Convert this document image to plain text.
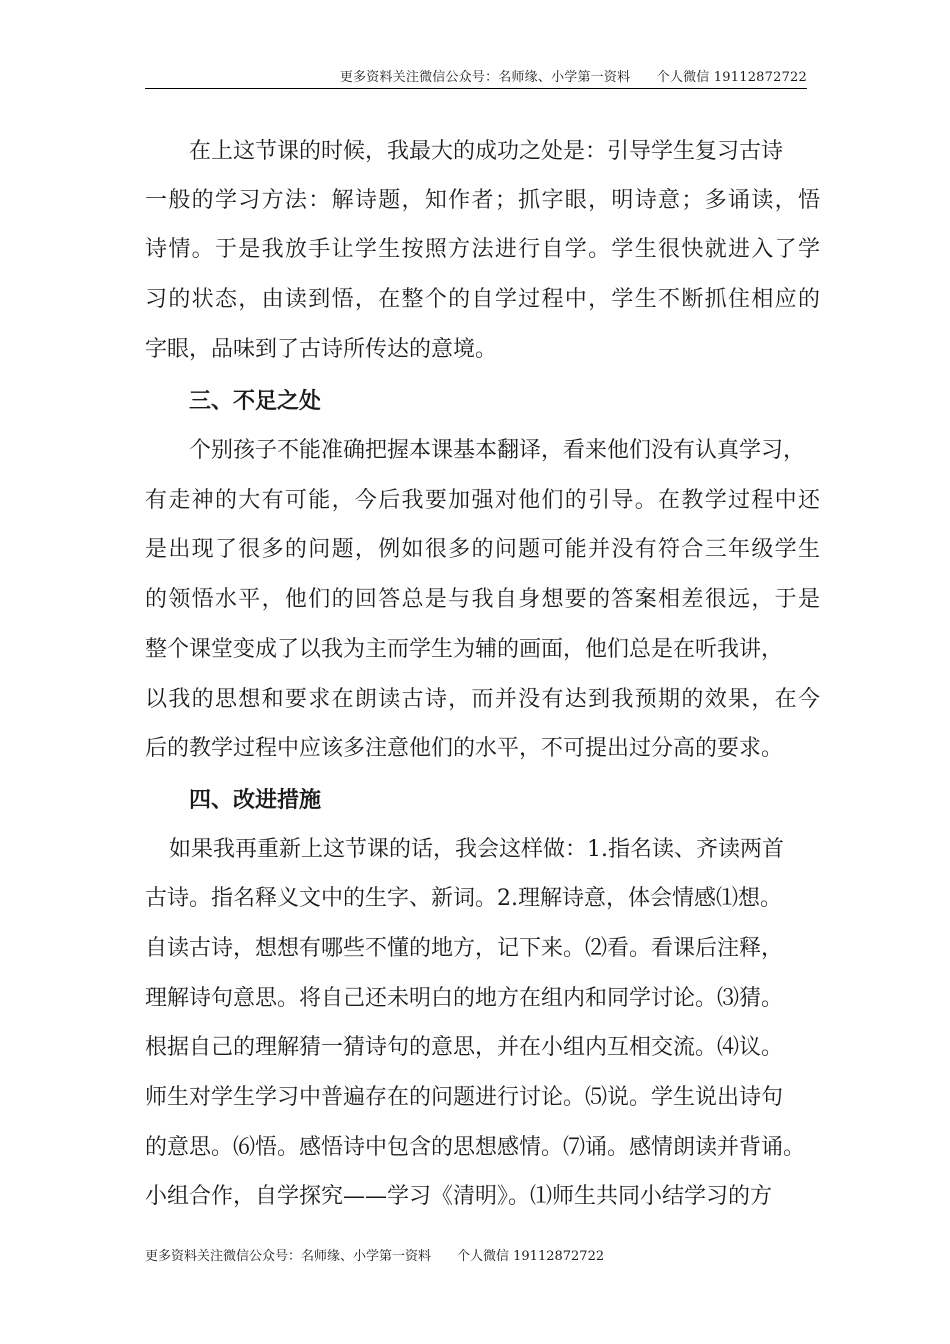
更多资料关注微信公众号：名师缘、小学第一资料　　个人微信 19112872722
在上这节课的时候，我最大的成功之处是：引导学生复习古诗
一般的学习方法：解诗题，知作者；抓字眼，明诗意；多诵读，悟
诗情。于是我放手让学生按照方法进行自学。学生很快就进入了学
习的状态，由读到悟，在整个的自学过程中，学生不断抓住相应的
字眼，品味到了古诗所传达的意境。
三、不足之处
个别孩子不能准确把握本课基本翻译，看来他们没有认真学习，
有走神的大有可能，今后我要加强对他们的引导。在教学过程中还
是出现了很多的问题，例如很多的问题可能并没有符合三年级学生
的领悟水平，他们的回答总是与我自身想要的答案相差很远，于是
整个课堂变成了以我为主而学生为辅的画面，他们总是在听我讲，
以我的思想和要求在朗读古诗，而并没有达到我预期的效果，在今
后的教学过程中应该多注意他们的水平，不可提出过分高的要求。
四、改进措施
如果我再重新上这节课的话，我会这样做：1.指名读、齐读两首
古诗。指名释义文中的生字、新词。2.理解诗意，体会情感⑴想。
自读古诗，想想有哪些不懂的地方，记下来。⑵看。看课后注释，
理解诗句意思。将自己还未明白的地方在组内和同学讨论。⑶猜。
根据自己的理解猜一猜诗句的意思，并在小组内互相交流。⑷议。
师生对学生学习中普遍存在的问题进行讨论。⑸说。学生说出诗句
的意思。⑹悟。感悟诗中包含的思想感情。⑺诵。感情朗读并背诵。
小组合作，自学探究——学习《清明》。⑴师生共同小结学习的方
更多资料关注微信公众号：名师缘、小学第一资料　　个人微信 19112872722
